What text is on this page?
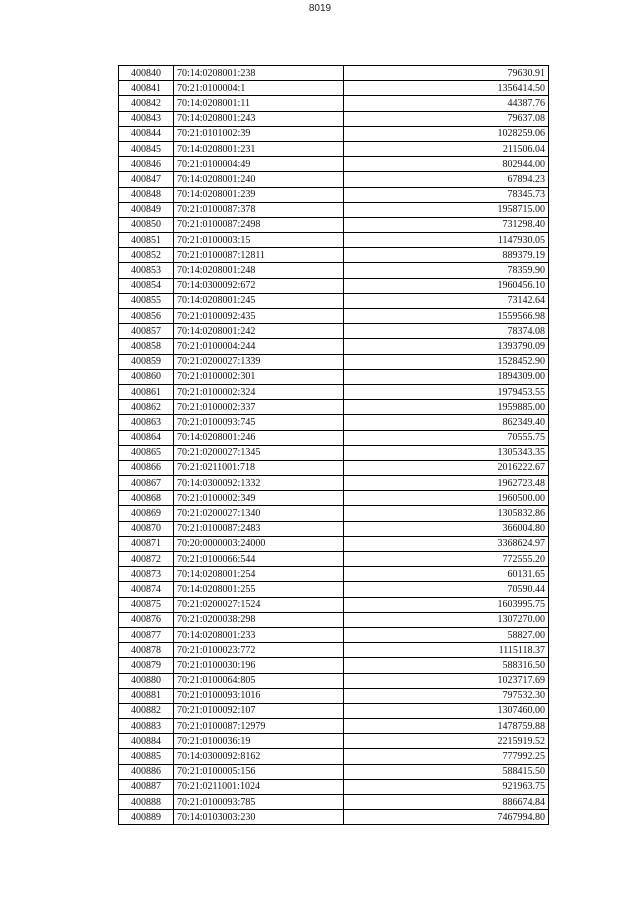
8019
400840	70:14:0208001:238	79630.91
400841	70:21:0100004:1	1356414.50
400842	70:14:0208001:11	44387.76
400843	70:14:0208001:243	79637.08
400844	70:21:0101002:39	1028259.06
400845	70:14:0208001:231	211506.04
400846	70:21:0100004:49	802944.00
400847	70:14:0208001:240	67894.23
400848	70:14:0208001:239	78345.73
400849	70:21:0100087:378	1958715.00
400850	70:21:0100087:2498	731298.40
400851	70:21:0100003:15	1147930.05
400852	70:21:0100087:12811	889379.19
400853	70:14:0208001:248	78359.90
400854	70:14:0300092:672	1960456.10
400855	70:14:0208001:245	73142.64
400856	70:21:0100092:435	1559566.98
400857	70:14:0208001:242	78374.08
400858	70:21:0100004:244	1393790.09
400859	70:21:0200027:1339	1528452.90
400860	70:21:0100002:301	1894309.00
400861	70:21:0100002:324	1979453.55
400862	70:21:0100002:337	1959885.00
400863	70:21:0100093:745	862349.40
400864	70:14:0208001:246	70555.75
400865	70:21:0200027:1345	1305343.35
400866	70:21:0211001:718	2016222.67
400867	70:14:0300092:1332	1962723.48
400868	70:21:0100002:349	1960500.00
400869	70:21:0200027:1340	1305832.86
400870	70:21:0100087:2483	366004.80
400871	70:20:0000003:24000	3368624.97
400872	70:21:0100066:544	772555.20
400873	70:14:0208001:254	60131.65
400874	70:14:0208001:255	70590.44
400875	70:21:0200027:1524	1603995.75
400876	70:21:0200038:298	1307270.00
400877	70:14:0208001:233	58827.00
400878	70:21:0100023:772	1115118.37
400879	70:21:0100030:196	588316.50
400880	70:21:0100064:805	1023717.69
400881	70:21:0100093:1016	797532.30
400882	70:21:0100092:107	1307460.00
400883	70:21:0100087:12979	1478759.88
400884	70:21:0100036:19	2215919.52
400885	70:14:0300092:8162	777992.25
400886	70:21:0100005:156	588415.50
400887	70:21:0211001:1024	921963.75
400888	70:21:0100093:785	886674.84
400889	70:14:0103003:230	7467994.80
